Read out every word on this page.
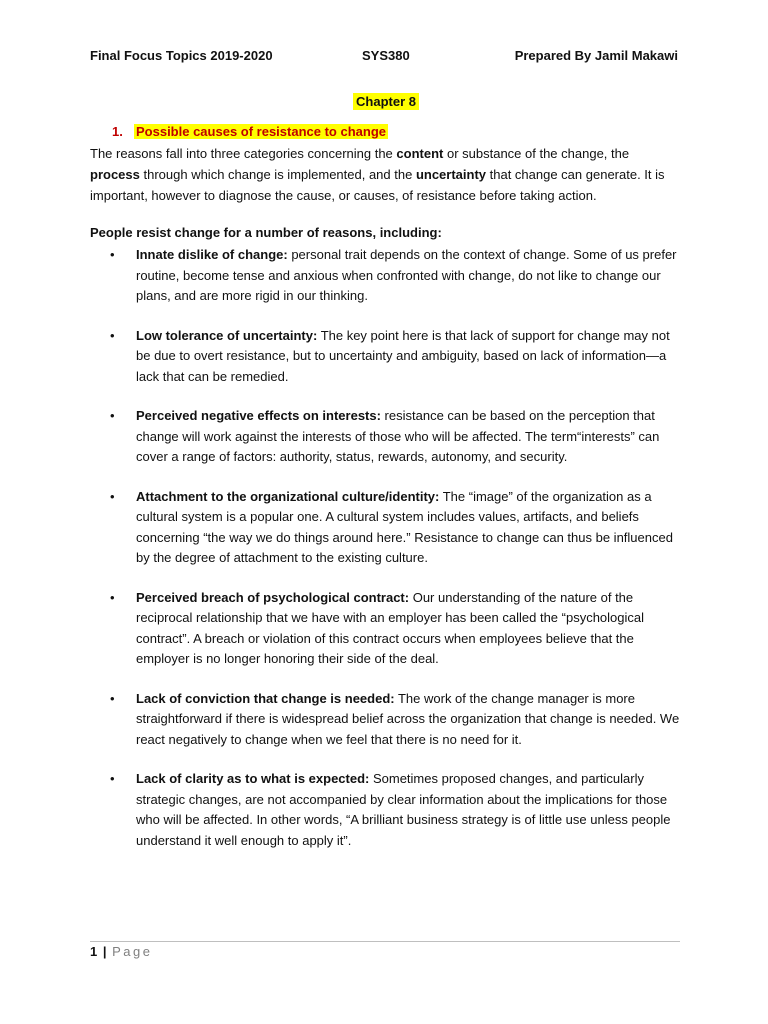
Final Focus Topics 2019-2020	SYS380	Prepared By Jamil Makawi
Chapter 8
1. Possible causes of resistance to change

The reasons fall into three categories concerning the content or substance of the change, the process through which change is implemented, and the uncertainty that change can generate. It is important, however to diagnose the cause, or causes, of resistance before taking action.

People resist change for a number of reasons, including:
• Innate dislike of change: personal trait depends on the context of change. Some of us prefer routine, become tense and anxious when confronted with change, do not like to change our plans, and are more rigid in our thinking.
• Low tolerance of uncertainty: The key point here is that lack of support for change may not be due to overt resistance, but to uncertainty and ambiguity, based on lack of information—a lack that can be remedied.
• Perceived negative effects on interests: resistance can be based on the perception that change will work against the interests of those who will be affected. The term“interests” can cover a range of factors: authority, status, rewards, autonomy, and security.
• Attachment to the organizational culture/identity: The “image” of the organization as a cultural system is a popular one. A cultural system includes values, artifacts, and beliefs concerning “the way we do things around here.” Resistance to change can thus be influenced by the degree of attachment to the existing culture.
• Perceived breach of psychological contract: Our understanding of the nature of the reciprocal relationship that we have with an employer has been called the “psychological contract”. A breach or violation of this contract occurs when employees believe that the employer is no longer honoring their side of the deal.
• Lack of conviction that change is needed: The work of the change manager is more straightforward if there is widespread belief across the organization that change is needed. We react negatively to change when we feel that there is no need for it.
• Lack of clarity as to what is expected: Sometimes proposed changes, and particularly strategic changes, are not accompanied by clear information about the implications for those who will be affected. In other words, “A brilliant business strategy is of little use unless people understand it well enough to apply it”.
1 | Page
